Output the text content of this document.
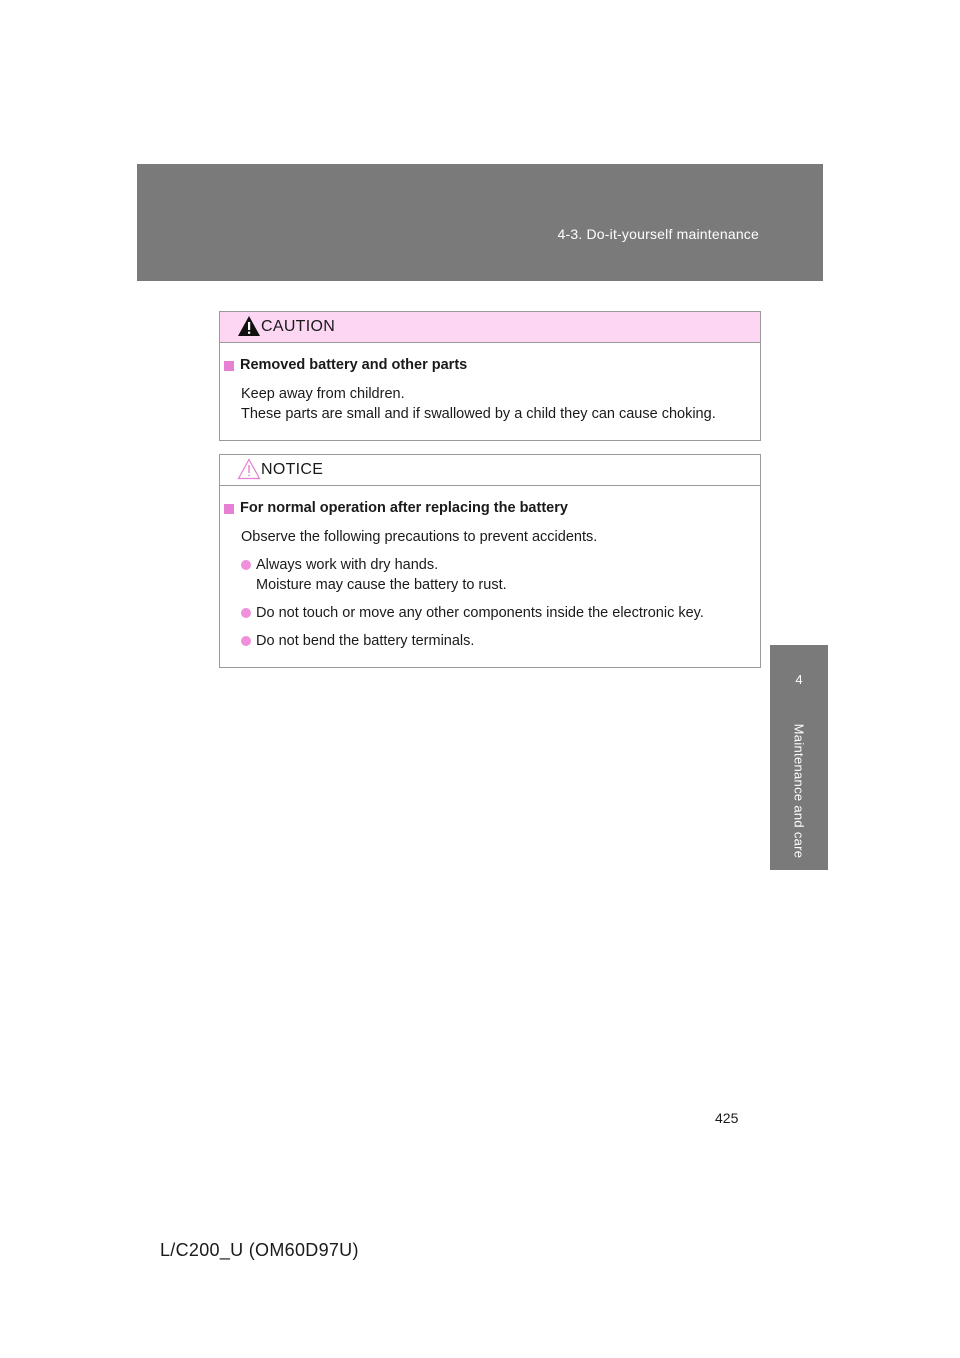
4-3. Do-it-yourself maintenance
4
Maintenance and care
CAUTION
Removed battery and other parts
Keep away from children.
These parts are small and if swallowed by a child they can cause choking.
NOTICE
For normal operation after replacing the battery
Observe the following precautions to prevent accidents.
Always work with dry hands.
Moisture may cause the battery to rust.
Do not touch or move any other components inside the electronic key.
Do not bend the battery terminals.
425
L/C200_U (OM60D97U)
